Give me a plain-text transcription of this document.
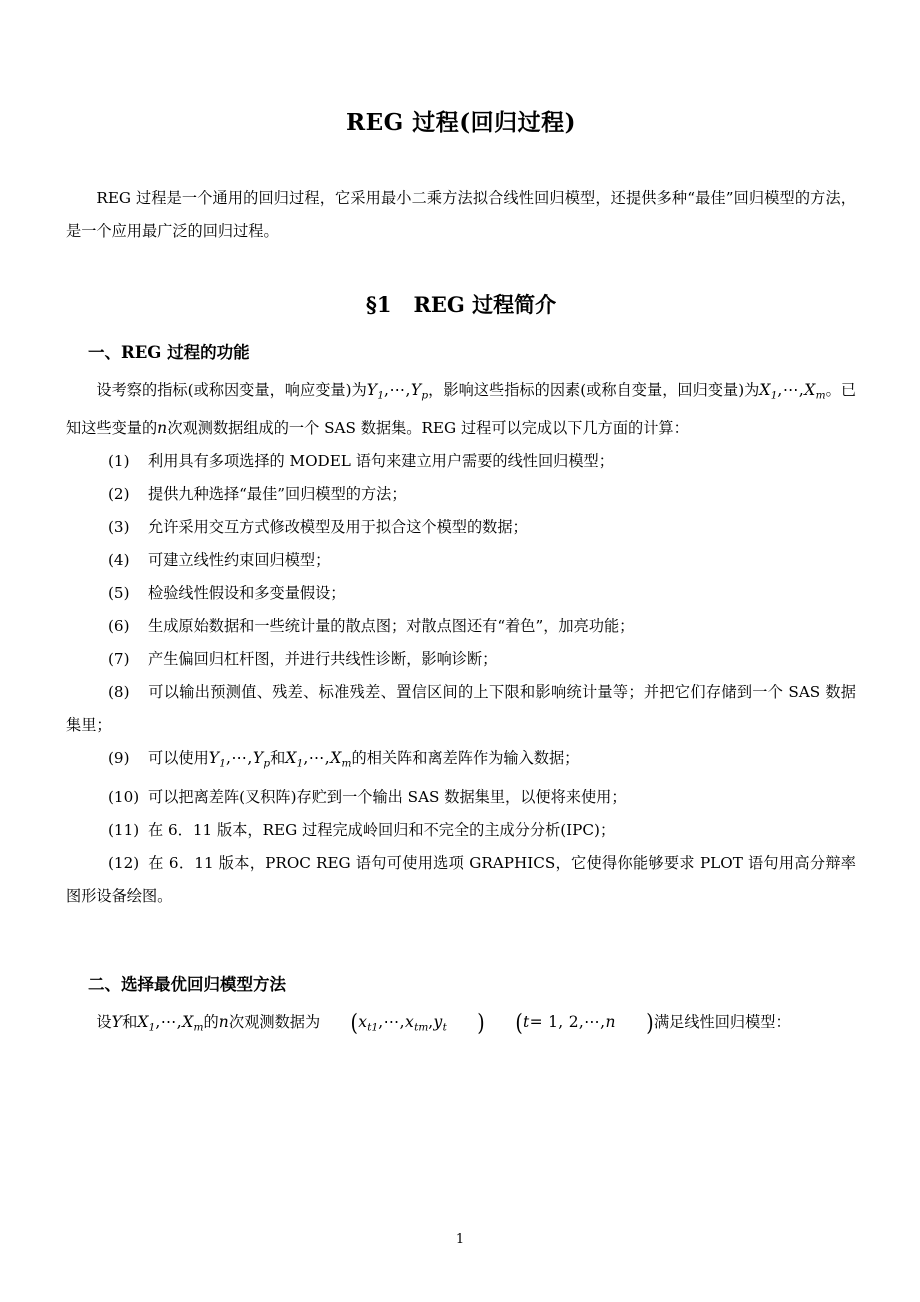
REG 过程(回归过程)

REG 过程是一个通用的回归过程，它采用最小二乘方法拟合线性回归模型，还提供多种“最佳”回归模型的方法，是一个应用最广泛的回归过程。

§1 REG 过程简介
一、REG 过程的功能

设考察的指标(或称因变量，响应变量)为$Y_1,\cdots,Y_p$，影响这些指标的因素(或称自变量，回归变量)为$X_1,\cdots,X_m$。已知这些变量的n次观测数据组成的一个 SAS 数据集。REG 过程可以完成以下几方面的计算：

(1) 利用具有多项选择的 MODEL 语句来建立用户需要的线性回归模型；
(2) 提供九种选择“最佳”回归模型的方法；
(3) 允许采用交互方式修改模型及用于拟合这个模型的数据；
(4) 可建立线性约束回归模型；
(5) 检验线性假设和多变量假设；
(6) 生成原始数据和一些统计量的散点图；对散点图还有“着色”，加亮功能；
(7) 产生偏回归杠杆图，并进行共线性诊断，影响诊断；
(8) 可以输出预测值、残差、标准残差、置信区间的上下限和影响统计量等；并把它们存储到一个 SAS 数据集里；
(9) 可以使用$Y_1,\cdots,Y_p$和$X_1,\cdots,X_m$的相关阵和离差阵作为输入数据；
(10) 可以把离差阵(叉积阵)存贮到一个输出 SAS 数据集里，以便将来使用；
(11) 在 6．11 版本，REG 过程完成岭回归和不完全的主成分分析(IPC)；
(12) 在 6．11 版本，PROC REG 语句可使用选项 GRAPHICS，它使得你能够要求 PLOT 语句用高分辩率图形设备绘图。
二、选择最优回归模型方法

设Y和$X_1,\cdots,X_m$的n次观测数据为 ($x_{t1},\cdots,x_{tm},y_t$ ) (t= 1, 2,⋯,n )满足线性回归模型：

1
